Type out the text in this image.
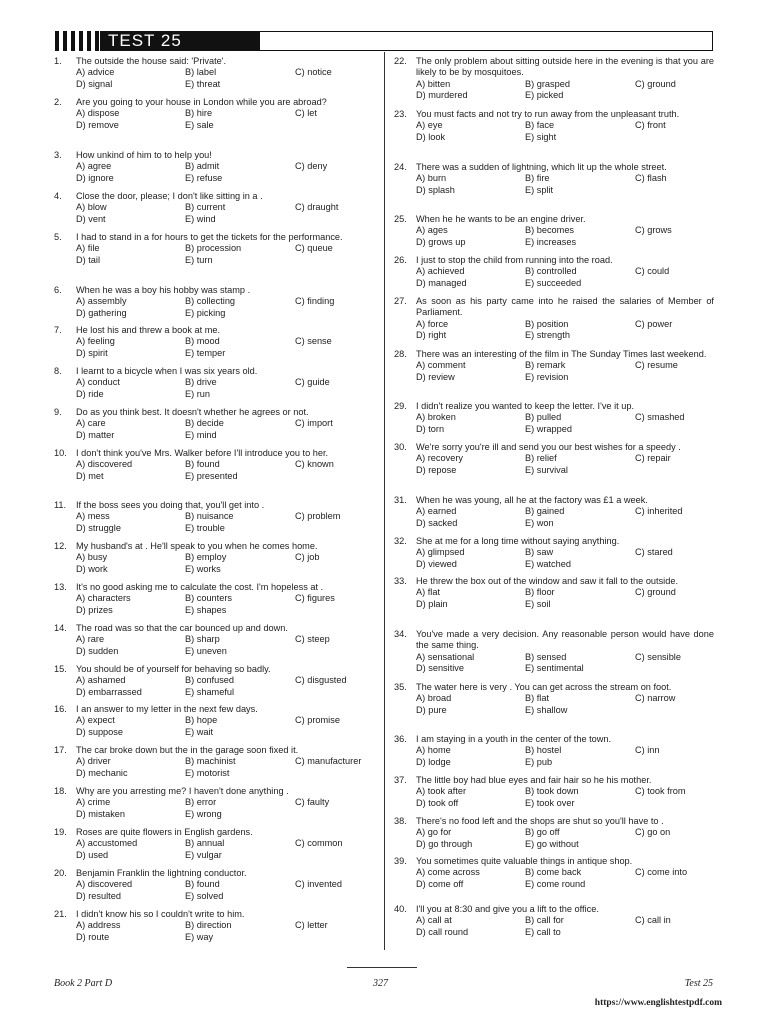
TEST 25
1.	The outside the house said: 'Private'.
A) advice	B) label	C) notice
D) signal	E) threat
2.	Are you going to your house in London while you are abroad?
A) dispose	B) hire	C) let
D) remove	E) sale
3.	How unkind of him to to help you!
A) agree	B) admit	C) deny
D) ignore	E) refuse
4.	Close the door, please; I don't like sitting in a .
A) blow	B) current	C) draught
D) vent	E) wind
5.	I had to stand in a for hours to get the tickets for the performance.
A) file	B) procession	C) queue
D) tail	E) turn
6.	When he was a boy his hobby was stamp .
A) assembly	B) collecting	C) finding
D) gathering	E) picking
7.	He lost his and threw a book at me.
A) feeling	B) mood	C) sense
D) spirit	E) temper
8.	I learnt to a bicycle when I was six years old.
A) conduct	B) drive	C) guide
D) ride	E) run
9.	Do as you think best. It doesn't whether he agrees or not.
A) care	B) decide	C) import
D) matter	E) mind
10.	I don't think you've Mrs. Walker before I'll introduce you to her.
A) discovered	B) found	C) known
D) met	E) presented
11.	If the boss sees you doing that, you'll get into .
A) mess	B) nuisance	C) problem
D) struggle	E) trouble
12.	My husband's at . He'll speak to you when he comes home.
A) busy	B) employ	C) job
D) work	E) works
13.	It's no good asking me to calculate the cost. I'm hopeless at .
A) characters	B) counters	C) figures
D) prizes	E) shapes
14.	The road was so that the car bounced up and down.
A) rare	B) sharp	C) steep
D) sudden	E) uneven
15.	You should be of yourself for behaving so badly.
A) ashamed	B) confused	C) disgusted
D) embarrassed	E) shameful
16.	I an answer to my letter in the next few days.
A) expect	B) hope	C) promise
D) suppose	E) wait
17.	The car broke down but the in the garage soon fixed it.
A) driver	B) machinist	C) manufacturer
D) mechanic	E) motorist
18.	Why are you arresting me? I haven't done anything .
A) crime	B) error	C) faulty
D) mistaken	E) wrong
19.	Roses are quite flowers in English gardens.
A) accustomed	B) annual	C) common
D) used	E) vulgar
20.	Benjamin Franklin the lightning conductor.
A) discovered	B) found	C) invented
D) resulted	E) solved
21.	I didn't know his so I couldn't write to him.
A) address	B) direction	C) letter
D) route	E) way
22.	The only problem about sitting outside here in the evening is that you are likely to be by mosquitoes.
A) bitten	B) grasped	C) ground
D) murdered	E) picked
23.	You must facts and not try to run away from the unpleasant truth.
A) eye	B) face	C) front
D) look	E) sight
24.	There was a sudden of lightning, which lit up the whole street.
A) burn	B) fire	C) flash
D) splash	E) split
25.	When he he wants to be an engine driver.
A) ages	B) becomes	C) grows
D) grows up	E) increases
26.	I just to stop the child from running into the road.
A) achieved	B) controlled	C) could
D) managed	E) succeeded
27.	As soon as his party came into he raised the salaries of Member of Parliament.
A) force	B) position	C) power
D) right	E) strength
28.	There was an interesting of the film in The Sunday Times last weekend.
A) comment	B) remark	C) resume
D) review	E) revision
29.	I didn't realize you wanted to keep the letter. I've it up.
A) broken	B) pulled	C) smashed
D) torn	E) wrapped
30.	We're sorry you're ill and send you our best wishes for a speedy .
A) recovery	B) relief	C) repair
D) repose	E) survival
31.	When he was young, all he at the factory was £1 a week.
A) earned	B) gained	C) inherited
D) sacked	E) won
32.	She at me for a long time without saying anything.
A) glimpsed	B) saw	C) stared
D) viewed	E) watched
33.	He threw the box out of the window and saw it fall to the outside.
A) flat	B) floor	C) ground
D) plain	E) soil
34.	You've made a very decision. Any reasonable person would have done the same thing.
A) sensational	B) sensed	C) sensible
D) sensitive	E) sentimental
35.	The water here is very . You can get across the stream on foot.
A) broad	B) flat	C) narrow
D) pure	E) shallow
36.	I am staying in a youth in the center of the town.
A) home	B) hostel	C) inn
D) lodge	E) pub
37.	The little boy had blue eyes and fair hair so he his mother.
A) took after	B) took down	C) took from
D) took off	E) took over
38.	There's no food left and the shops are shut so you'll have to .
A) go for	B) go off	C) go on
D) go through	E) go without
39.	You sometimes quite valuable things in antique shop.
A) come across	B) come back	C) come into
D) come off	E) come round
40.	I'll you at 8:30 and give you a lift to the office.
A) call at	B) call for	C) call in
D) call round	E) call to
Book 2 Part D	327	Test 25
https://www.englishtestpdf.com
